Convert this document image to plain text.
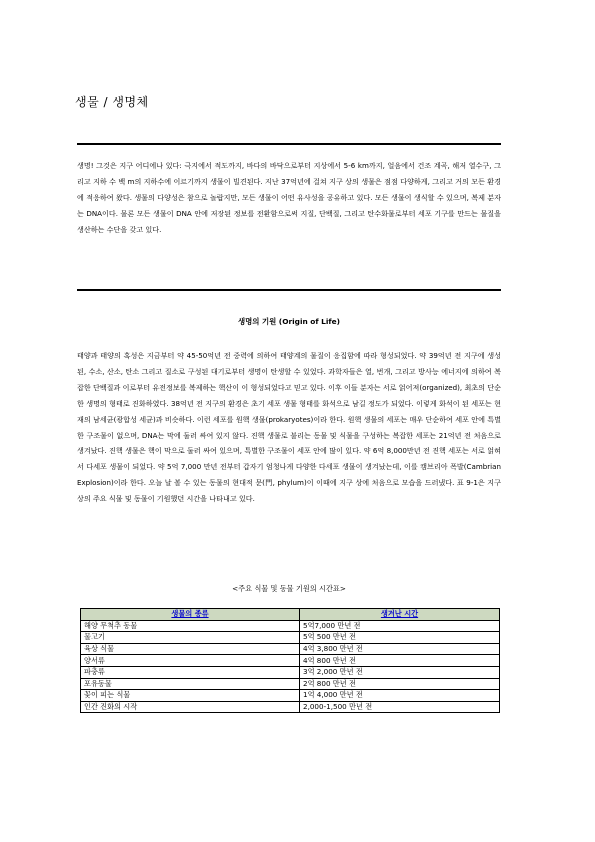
생물 / 생명체

생명! 그것은 지구 어디에나 있다: 극지에서 적도까지, 바다의 바닥으로부터 지상에서 5-6 km까지, 얼음에서 건조 계곡, 해저 열수구, 그리고 지하 수 백 m의 지하수에 이르기까지 생물이 빌견된다. 지난 37억년에 걸쳐 지구 상의 생물은 점점 다양하게, 그리고 거의 모든 환경에 적응하여 왔다. 생물의 다양성은 참으로 놀랍지만, 모든 생물이 어떤 유사성을 공유하고 있다. 모든 생물이 생식할 수 있으며, 복제 분자는 DNA이다. 물론 모든 생물이 DNA 안에 저장된 정보를 전환함으로써 지질, 단백질, 그리고 탄수화물로부터 세포 기구를 만드는 물질을 생산하는 수단을 갖고 있다.

생명의 기원 (Origin of Life)

태양과 태양의 혹성은 지금부터 약 45-50억년 전 중력에 의하여 태양계의 물질이 응집함에 따라 형성되었다. 약 39억년 전 지구에 생성된, 수소, 산소, 탄소 그리고 질소로 구성된 대기로부터 생명이 탄생할 수 있었다. 과학자들은 열, 번개, 그리고 방사능 에너지에 의하여 복잡한 단백질과 이로부터 유전정보를 복제하는 핵산이 이 형성되었다고 믿고 있다. 이후 이들 분자는 서로 얽어져(organized), 최초의 단순한 생명의 형태로 진화하였다. 38억년 전 지구의 환경은 초기 세포 생물 형태를 화석으로 남길 정도가 되었다. 이렇게 화석이 된 세포는 현재의 남세균(광합성 세균)과 비슷하다. 이런 세포를 원핵 생물(prokaryotes)이라 한다. 원핵 생물의 세포는 매우 단순하여 세포 안에 특별한 구조물이 없으며, DNA는 막에 둘러 싸여 있지 않다. 진핵 생물로 불리는 동물 및 식물을 구성하는 복잡한 세포는 21억년 전 처음으로 생겨났다. 진핵 생물은 핵이 막으로 둘러 싸여 있으며, 특별한 구조물이 세포 안에 많이 있다. 약 6억 8,000만년 전 진핵 세포는 서로 얽혀서 다세포 생물이 되었다. 약 5억 7,000 만년 전부터 갑자기 엄청나게 다양한 다세포 생물이 생겨났는데, 이를 캠브리아 폭발(Cambrian Explosion)이라 한다. 오늘 날 볼 수 있는 동물의 현대적 문(門, phylum)이 이때에 지구 상에 처음으로 모습을 드러냈다. 표 9-1은 지구 상의 주요 식물 및 동물이 기원했던 시간을 나타내고 있다.

<주요 식물 및 동물 기원의 시간표>
생물의 종류	생겨난 시간
해양 무척추 동물	5억7,000 만년 전
물고기	5억 500 만년 전
육상 식물	4억 3,800 만년 전
양서류	4억 800 만년 전
파충류	3억 2,000 만년 전
포유동물	2억 800 만년 전
꽃이 피는 식물	1억 4,000 만년 전
인간 진화의 시작	2,000-1,500 만년 전
